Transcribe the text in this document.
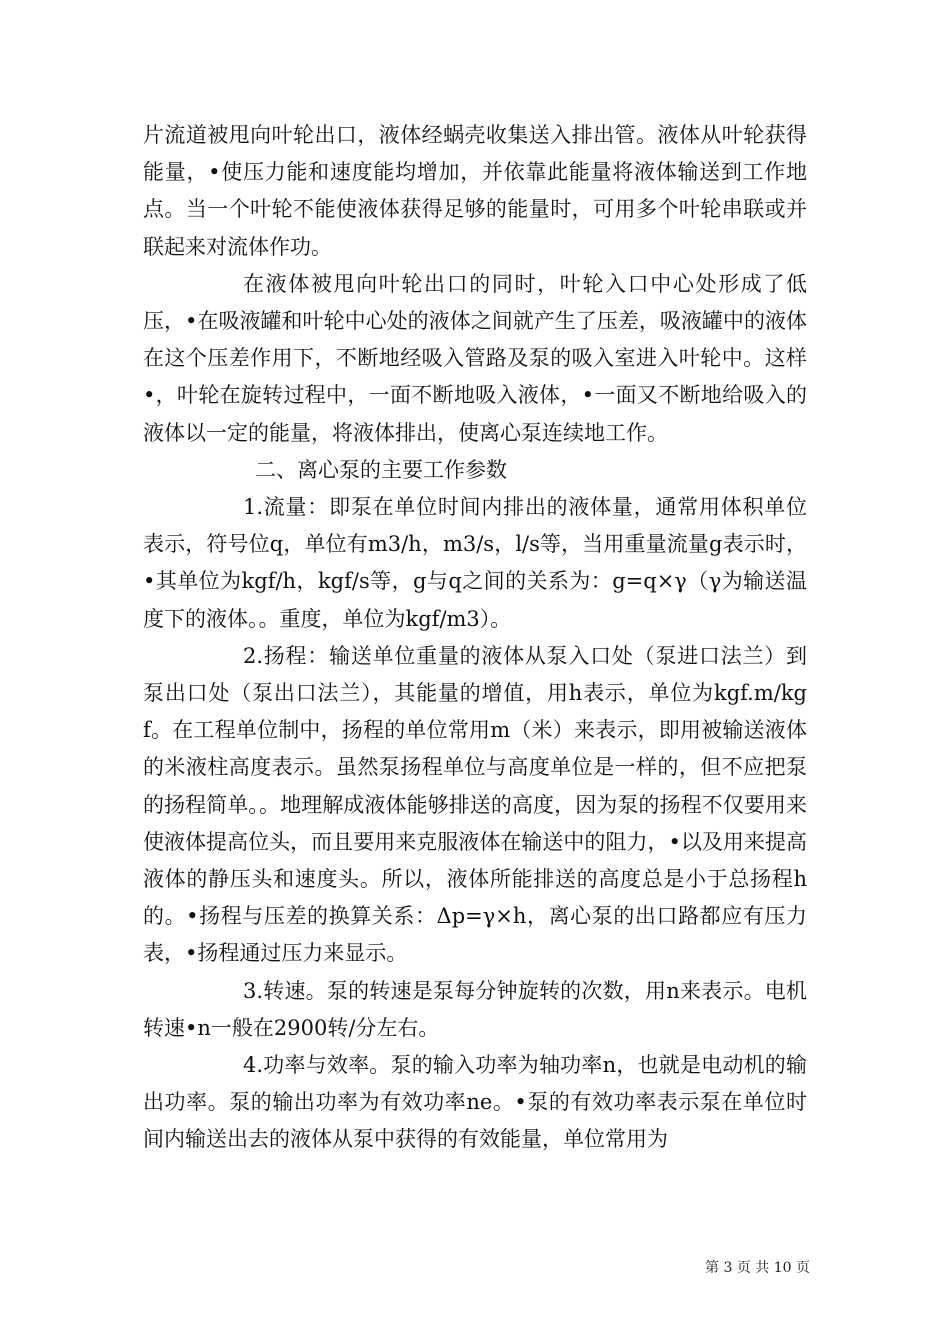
片流道被甩向叶轮出口，液体经蜗壳收集送入排出管。液体从叶轮获得能量，•使压力能和速度能均增加，并依靠此能量将液体输送到工作地点。当一个叶轮不能使液体获得足够的能量时，可用多个叶轮串联或并联起来对流体作功。

在液体被甩向叶轮出口的同时，叶轮入口中心处形成了低压，•在吸液罐和叶轮中心处的液体之间就产生了压差，吸液罐中的液体在这个压差作用下，不断地经吸入管路及泵的吸入室进入叶轮中。这样•，叶轮在旋转过程中，一面不断地吸入液体，•一面又不断地给吸入的液体以一定的能量，将液体排出，使离心泵连续地工作。

二、离心泵的主要工作参数

1.流量：即泵在单位时间内排出的液体量，通常用体积单位表示，符号位q，单位有m3/h，m3/s，l/s等，当用重量流量g表示时，•其单位为kgf/h，kgf/s等，g与q之间的关系为：g=q×γ（γ为输送温度下的液体。。重度，单位为kgf/m3）。

2.扬程：输送单位重量的液体从泵入口处（泵进口法兰）到泵出口处（泵出口法兰），其能量的增值，用h表示，单位为kgf.m/kgf。在工程单位制中，扬程的单位常用m（米）来表示，即用被输送液体的米液柱高度表示。虽然泵扬程单位与高度单位是一样的，但不应把泵的扬程简单。。地理解成液体能够排送的高度，因为泵的扬程不仅要用来使液体提高位头，而且要用来克服液体在输送中的阻力，•以及用来提高液体的静压头和速度头。所以，液体所能排送的高度总是小于总扬程h的。•扬程与压差的换算关系：Δp=γ×h，离心泵的出口路都应有压力表，•扬程通过压力来显示。

3.转速。泵的转速是泵每分钟旋转的次数，用n来表示。电机转速•n一般在2900转/分左右。

4.功率与效率。泵的输入功率为轴功率n，也就是电动机的输出功率。泵的输出功率为有效功率ne。•泵的有效功率表示泵在单位时间内输送出去的液体从泵中获得的有效能量，单位常用为

第 3 页 共 10 页
